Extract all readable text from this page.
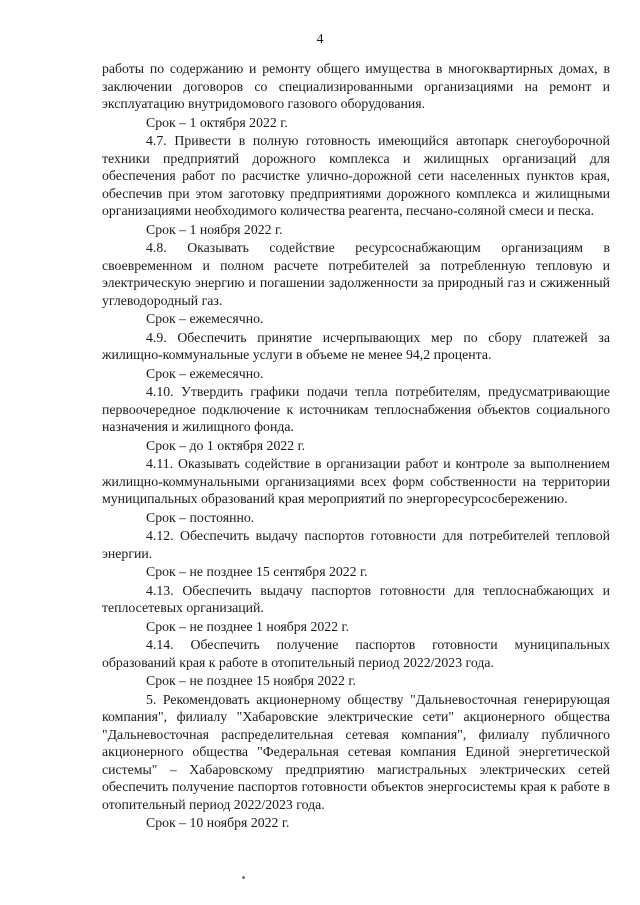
4

работы по содержанию и ремонту общего имущества в многоквартирных домах, в заключении договоров со специализированными организациями на ремонт и эксплуатацию внутридомового газового оборудования.

Срок – 1 октября 2022 г.

4.7. Привести в полную готовность имеющийся автопарк снегоуборочной техники предприятий дорожного комплекса и жилищных организаций для обеспечения работ по расчистке улично-дорожной сети населенных пунктов края, обеспечив при этом заготовку предприятиями дорожного комплекса и жилищными организациями необходимого количества реагента, песчано-соляной смеси и песка.

Срок – 1 ноября 2022 г.

4.8. Оказывать содействие ресурсоснабжающим организациям в своевременном и полном расчете потребителей за потребленную тепловую и электрическую энергию и погашении задолженности за природный газ и сжиженный углеводородный газ.

Срок – ежемесячно.

4.9. Обеспечить принятие исчерпывающих мер по сбору платежей за жилищно-коммунальные услуги в объеме не менее 94,2 процента.

Срок – ежемесячно.

4.10. Утвердить графики подачи тепла потребителям, предусматривающие первоочередное подключение к источникам теплоснабжения объектов социального назначения и жилищного фонда.

Срок – до 1 октября 2022 г.

4.11. Оказывать содействие в организации работ и контроле за выполнением жилищно-коммунальными организациями всех форм собственности на территории муниципальных образований края мероприятий по энергоресурсосбережению.

Срок – постоянно.

4.12. Обеспечить выдачу паспортов готовности для потребителей тепловой энергии.

Срок – не позднее 15 сентября 2022 г.

4.13. Обеспечить выдачу паспортов готовности для теплоснабжающих и теплосетевых организаций.

Срок – не позднее 1 ноября 2022 г.

4.14. Обеспечить получение паспортов готовности муниципальных образований края к работе в отопительный период 2022/2023 года.

Срок – не позднее 15 ноября 2022 г.

5. Рекомендовать акционерному обществу "Дальневосточная генерирующая компания", филиалу "Хабаровские электрические сети" акционерного общества "Дальневосточная распределительная сетевая компания", филиалу публичного акционерного общества "Федеральная сетевая компания Единой энергетической системы" – Хабаровскому предприятию магистральных электрических сетей обеспечить получение паспортов готовности объектов энергосистемы края к работе в отопительный период 2022/2023 года.

Срок – 10 ноября 2022 г.
